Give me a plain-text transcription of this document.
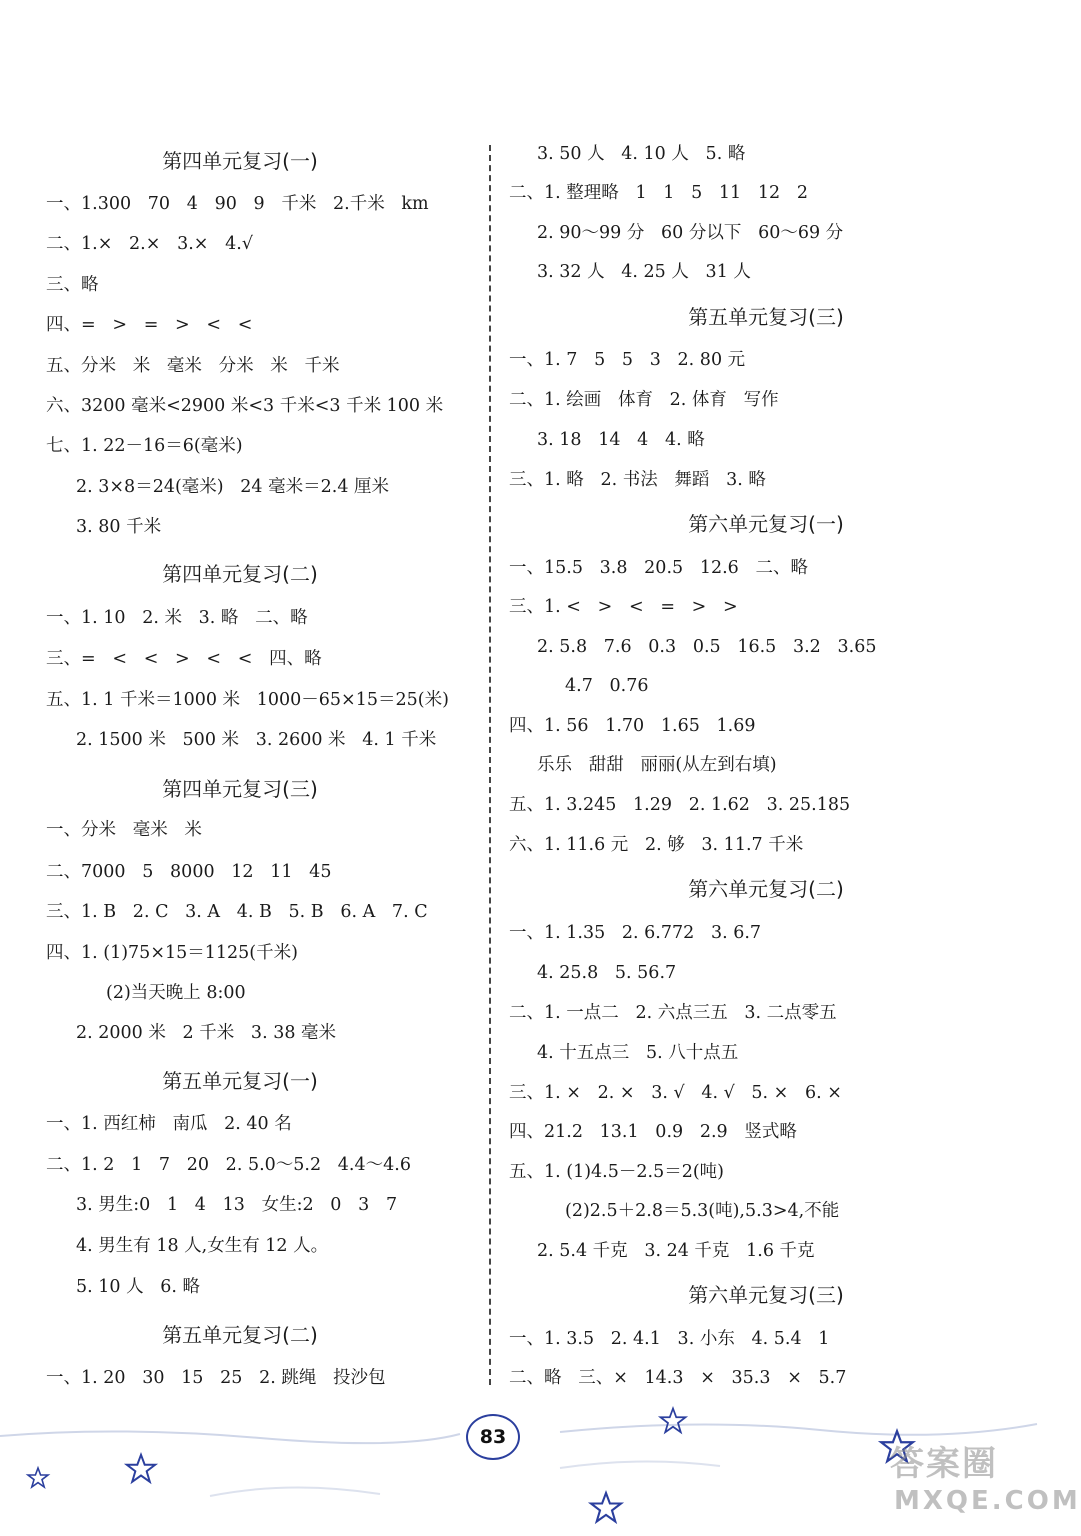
第四单元复习(一)
一、1.300   70   4   90   9   千米   2.千米   km
二、1.×   2.×   3.×   4.√
三、略
四、=   >   =   >   <   <
五、分米   米   毫米   分米   米   千米
六、3200 毫米<2900 米<3 千米<3 千米 100 米
七、1. 22－16＝6(毫米)
2. 3×8＝24(毫米)   24 毫米＝2.4 厘米
3. 80 千米
第四单元复习(二)
一、1. 10   2. 米   3. 略   二、略
三、=   <   <   >   <   <   四、略
五、1. 1 千米＝1000 米   1000－65×15＝25(米)
2. 1500 米   500 米   3. 2600 米   4. 1 千米
第四单元复习(三)
一、分米   毫米   米
二、7000   5   8000   12   11   45
三、1. B   2. C   3. A   4. B   5. B   6. A   7. C
四、1. (1)75×15＝1125(千米)
(2)当天晚上 8:00
2. 2000 米   2 千米   3. 38 毫米
第五单元复习(一)
一、1. 西红柿   南瓜   2. 40 名
二、1. 2   1   7   20   2. 5.0～5.2   4.4～4.6
3. 男生:0   1   4   13   女生:2   0   3   7
4. 男生有 18 人,女生有 12 人。
5. 10 人   6. 略
第五单元复习(二)
一、1. 20   30   15   25   2. 跳绳   投沙包
3. 50 人   4. 10 人   5. 略
二、1. 整理略   1   1   5   11   12   2
2. 90～99 分   60 分以下   60～69 分
3. 32 人   4. 25 人   31 人
第五单元复习(三)
一、1. 7   5   5   3   2. 80 元
二、1. 绘画   体育   2. 体育   写作
3. 18   14   4   4. 略
三、1. 略   2. 书法   舞蹈   3. 略
第六单元复习(一)
一、15.5   3.8   20.5   12.6   二、略
三、1. <   >   <   =   >   >
2. 5.8   7.6   0.3   0.5   16.5   3.2   3.65
4.7   0.76
四、1. 56   1.70   1.65   1.69
乐乐   甜甜   丽丽(从左到右填)
五、1. 3.245   1.29   2. 1.62   3. 25.185
六、1. 11.6 元   2. 够   3. 11.7 千米
第六单元复习(二)
一、1. 1.35   2. 6.772   3. 6.7
4. 25.8   5. 56.7
二、1. 一点二   2. 六点三五   3. 二点零五
4. 十五点三   5. 八十点五
三、1. ×   2. ×   3. √   4. √   5. ×   6. ×
四、21.2   13.1   0.9   2.9   竖式略
五、1. (1)4.5－2.5＝2(吨)
(2)2.5＋2.8＝5.3(吨),5.3>4,不能
2. 5.4 千克   3. 24 千克   1.6 千克
第六单元复习(三)
一、1. 3.5   2. 4.1   3. 小东   4. 5.4   1
二、略   三、×   14.3   ×   35.3   ×   5.7
83
答案圈
MXQE.COM
